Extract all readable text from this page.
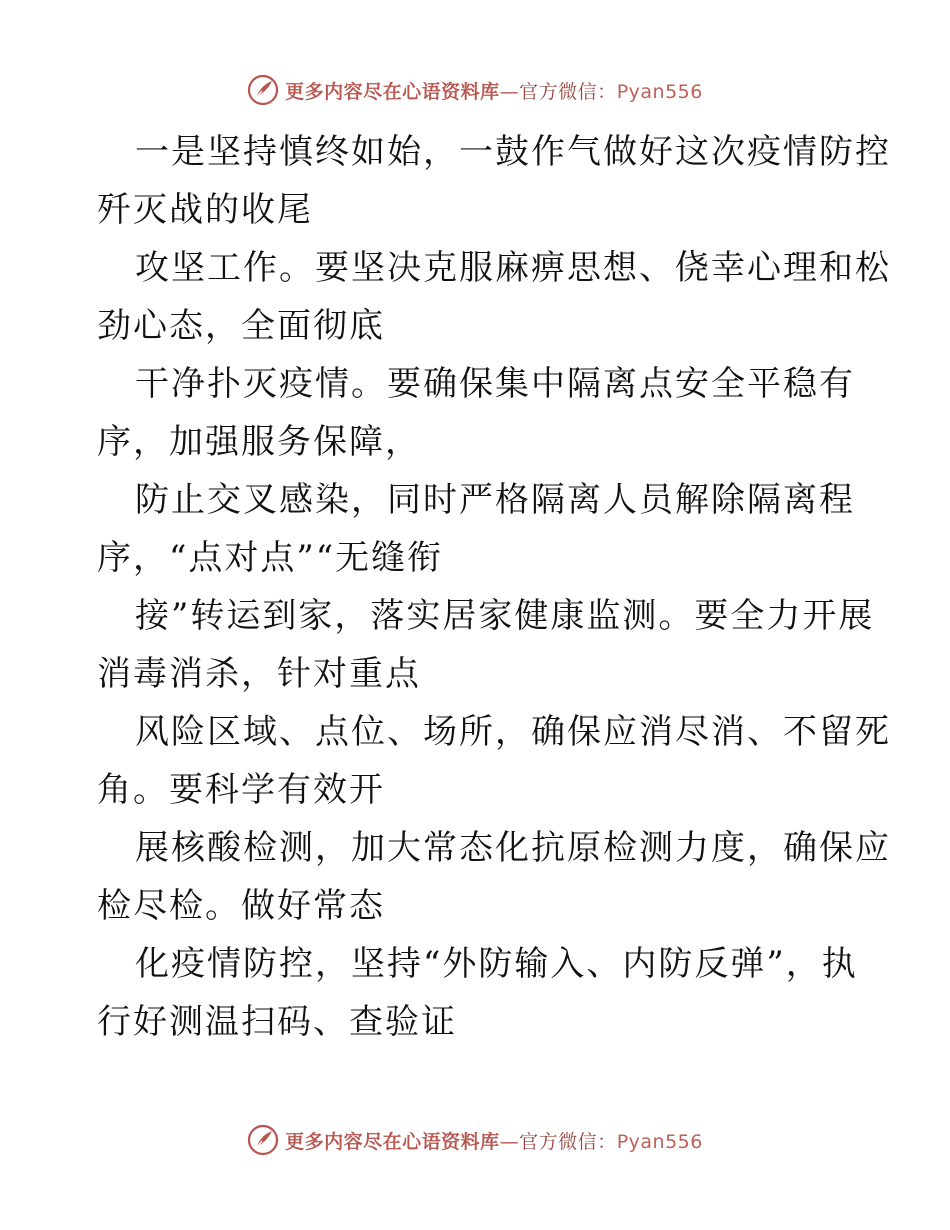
更多内容尽在心语资料库—官方微信：Pyan556
一是坚持慎终如始，一鼓作气做好这次疫情防控
歼灭战的收尾
攻坚工作。要坚决克服麻痹思想、侥幸心理和松
劲心态，全面彻底
干净扑灭疫情。要确保集中隔离点安全平稳有
序，加强服务保障，
防止交叉感染，同时严格隔离人员解除隔离程
序，“点对点”“无缝衔
接”转运到家，落实居家健康监测。要全力开展
消毒消杀，针对重点
风险区域、点位、场所，确保应消尽消、不留死
角。要科学有效开
展核酸检测，加大常态化抗原检测力度，确保应
检尽检。做好常态
化疫情防控，坚持“外防输入、内防反弹”，执
行好测温扫码、查验证
更多内容尽在心语资料库—官方微信：Pyan556
